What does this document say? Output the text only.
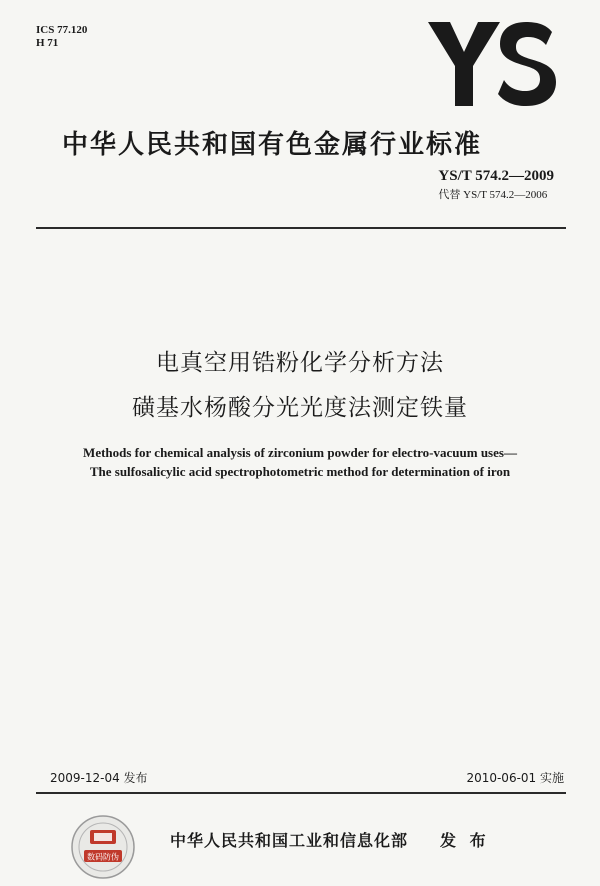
ICS 77.120
H 71
中华人民共和国有色金属行业标准
YS/T 574.2—2009
代替 YS/T 574.2—2006
电真空用锆粉化学分析方法
磺基水杨酸分光光度法测定铁量
Methods for chemical analysis of zirconium powder for electro-vacuum uses—
The sulfosalicylic acid spectrophotometric method for determination of iron
2009-12-04 发布	2010-06-01 实施
数码防伪
中华人民共和国工业和信息化部 发 布
